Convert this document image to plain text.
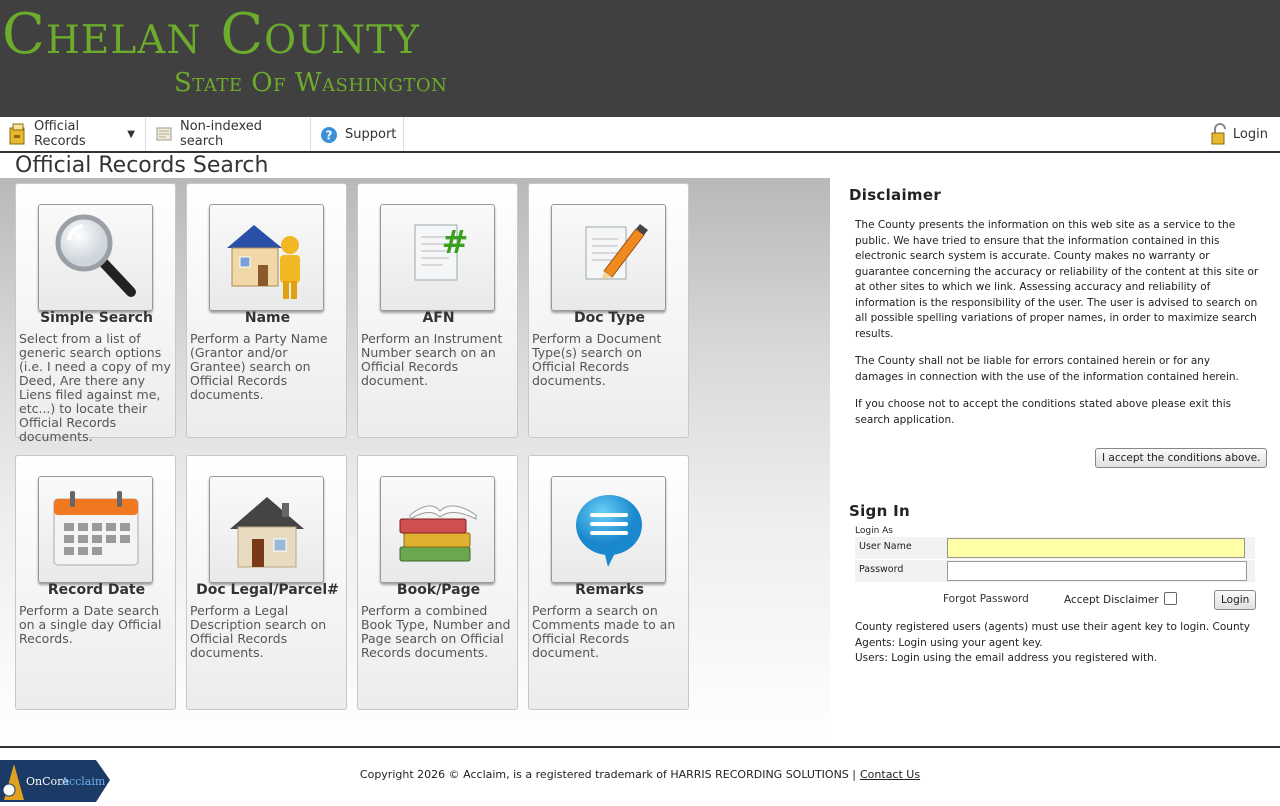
Chelan County
State Of Washington
Official Records	▼	Non-indexed search	? Support	Login
Official Records Search
Simple Search
Select from a list of generic search options (i.e. I need a copy of my Deed, Are there any Liens filed against me, etc...) to locate their Official Records documents.
Name
Perform a Party Name (Grantor and/or Grantee) search on Official Records documents.
#
AFN
Perform an Instrument Number search on an Official Records document.
Doc Type
Perform a Document Type(s) search on Official Records documents.
Record Date
Perform a Date search on a single day Official Records.
Doc Legal/Parcel#
Perform a Legal Description search on Official Records documents.
Book/Page
Perform a combined Book Type, Number and Page search on Official Records documents.
Remarks
Perform a search on Comments made to an Official Records document.
Disclaimer

The County presents the information on this web site as a service to the public. We have tried to ensure that the information contained in this electronic search system is accurate. County makes no warranty or guarantee concerning the accuracy or reliability of the content at this site or at other sites to which we link. Assessing accuracy and reliability of information is the responsibility of the user. The user is advised to search on all possible spelling variations of proper names, in order to maximize search results.

The County shall not be liable for errors contained herein or for any damages in connection with the use of the information contained herein.

If you choose not to accept the conditions stated above please exit this search application.

I accept the conditions above.
Sign In
Login As
User Name
Password
Forgot Password	Accept Disclaimer	Login
County registered users (agents) must use their agent key to login. County Agents: Login using your agent key.
Users: Login using the email address you registered with.
OnCore
Acclaim
Copyright 2026 © Acclaim, is a registered trademark of HARRIS RECORDING SOLUTIONS | Contact Us
